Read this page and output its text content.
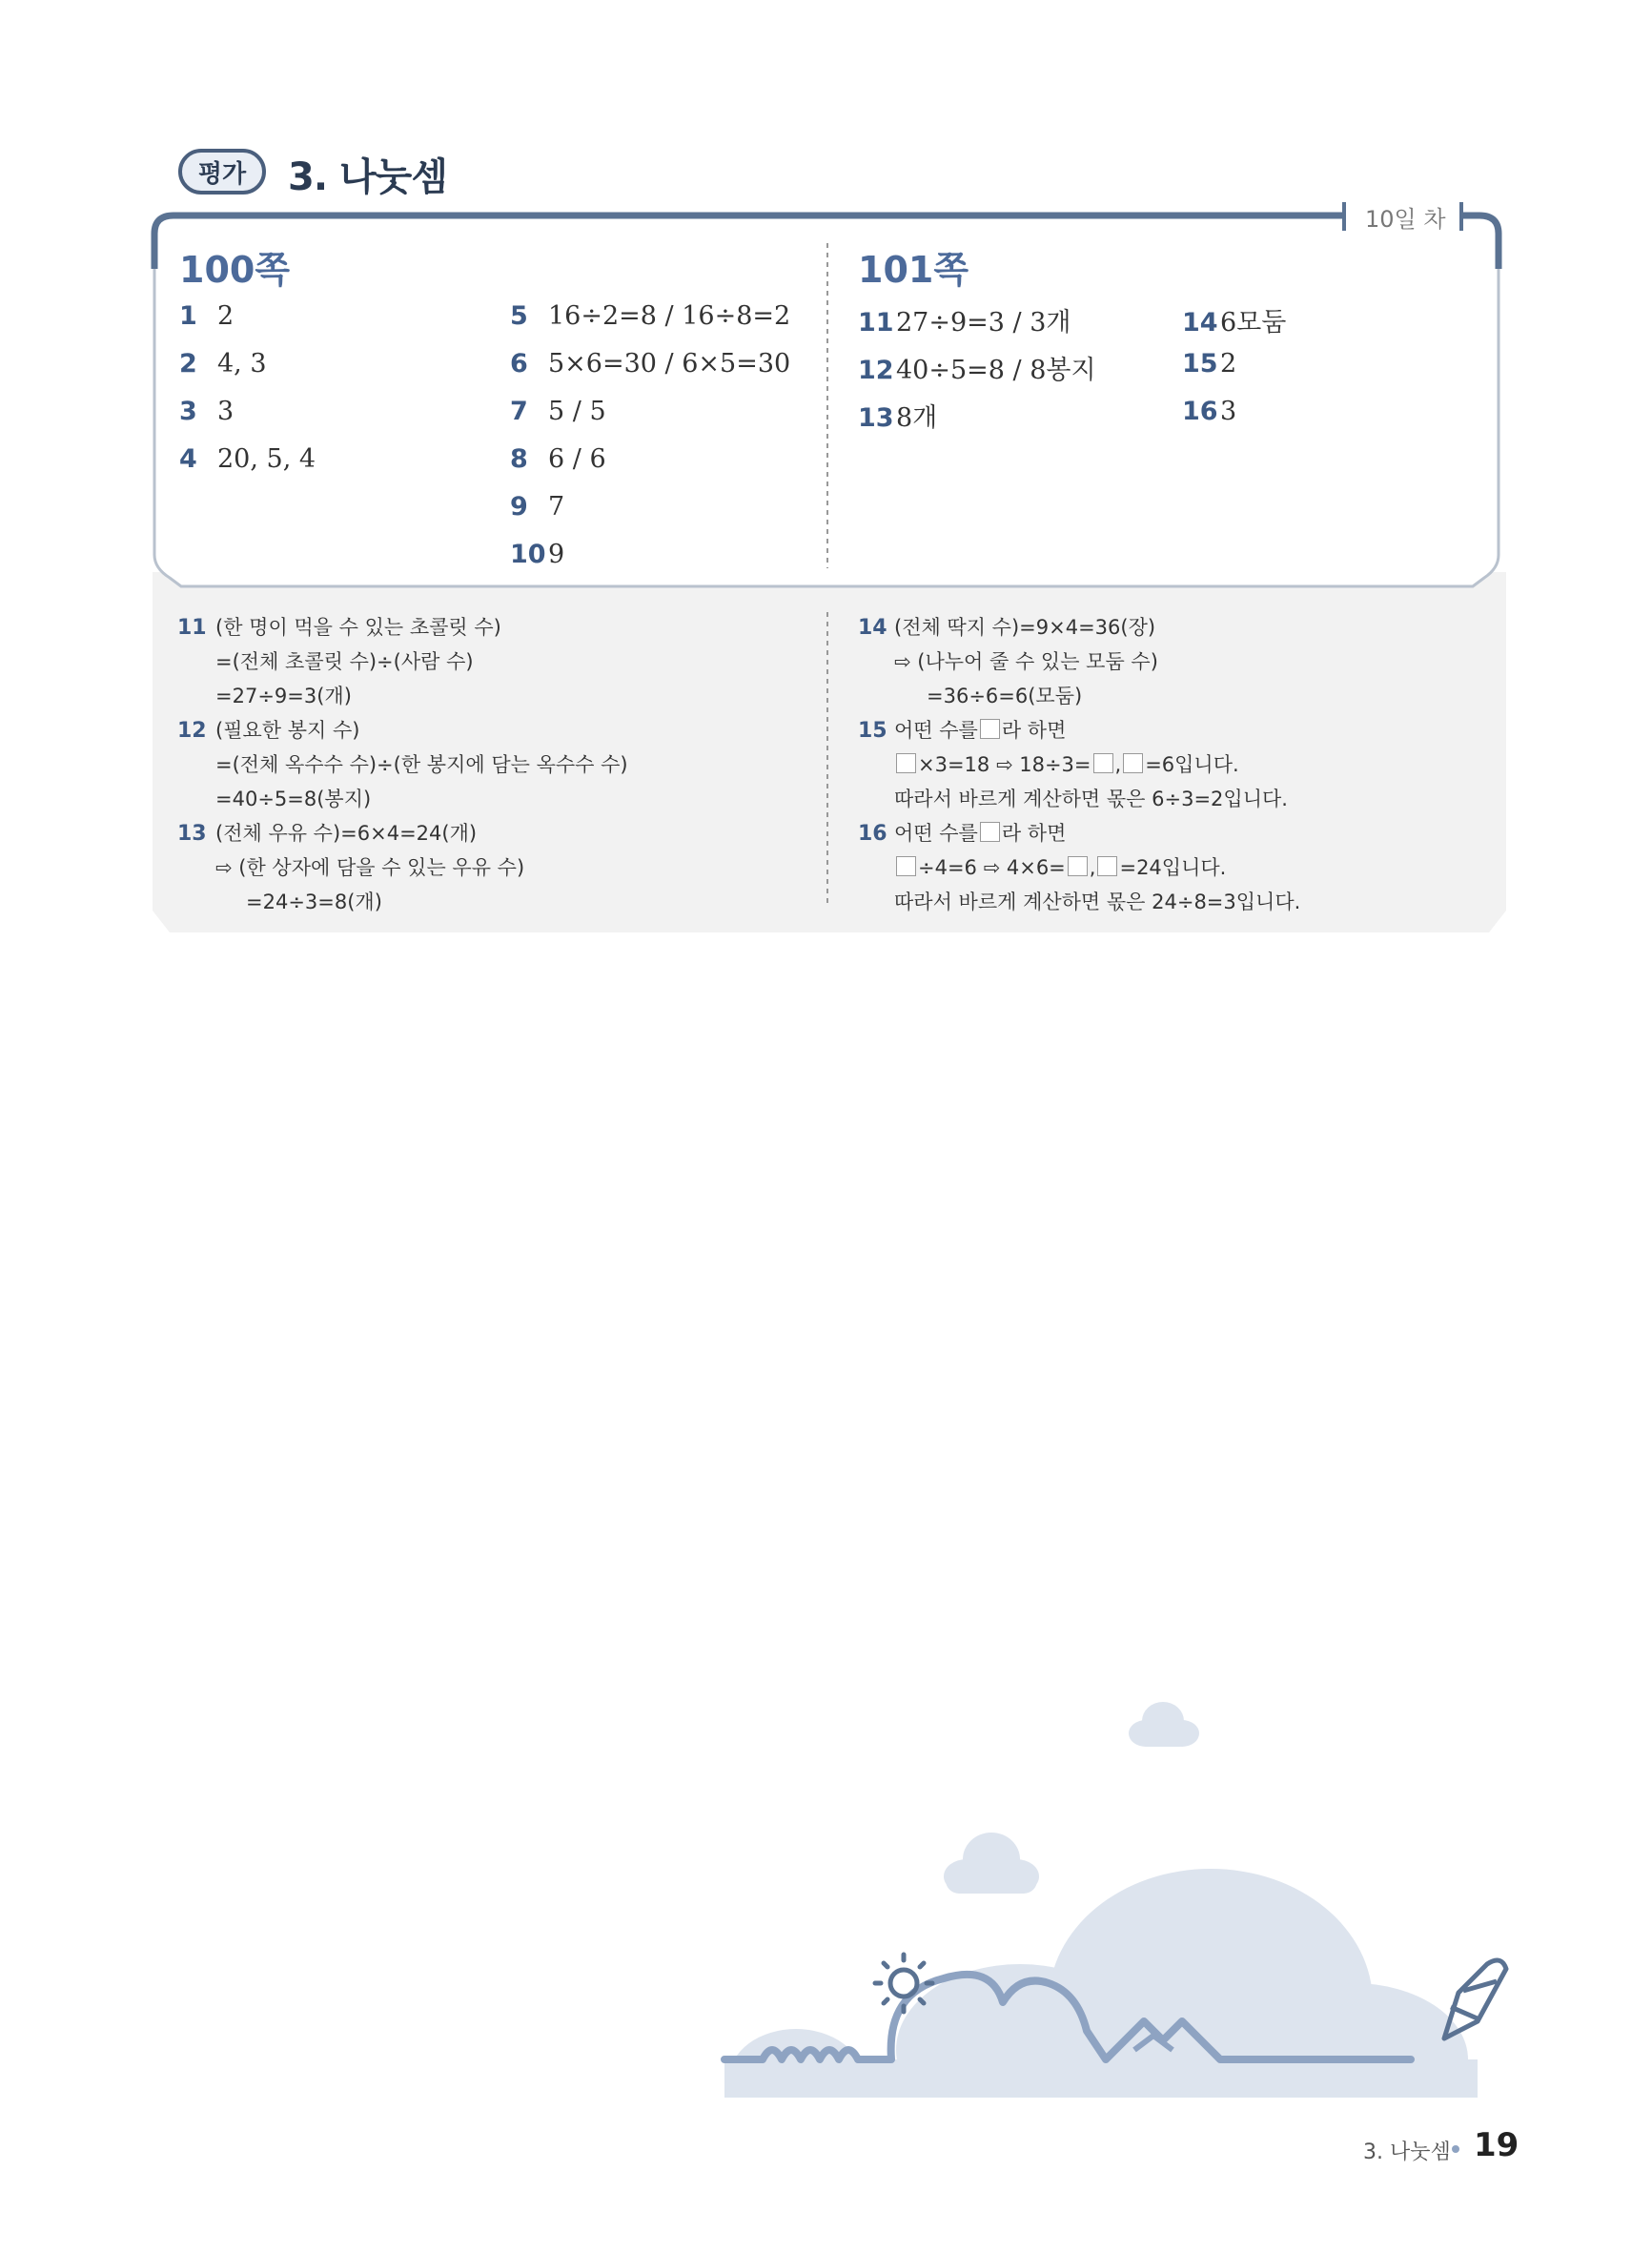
평가	3. 나눗셈
10일 차
100쪽
1 2
2 4, 3
3 3
4 20, 5, 4
5 16÷2=8 / 16÷8=2
6 5×6=30 / 6×5=30
7 5 / 5
8 6 / 6
9 7
109
101쪽
1127÷9=3 / 3개
1240÷5=8 / 8봉지
138개
146모둠
152
163
11 (한 명이 먹을 수 있는 초콜릿 수)
=(전체 초콜릿 수)÷(사람 수)
=27÷9=3(개)
12 (필요한 봉지 수)
=(전체 옥수수 수)÷(한 봉지에 담는 옥수수 수)
=40÷5=8(봉지)
13 (전체 우유 수)=6×4=24(개)
⇨ (한 상자에 담을 수 있는 우유 수)
=24÷3=8(개)
14 (전체 딱지 수)=9×4=36(장)
⇨ (나누어 줄 수 있는 모둠 수)
=36÷6=6(모둠)
15 어떤 수를 라 하면
×3=18 ⇨ 18÷3= , =6입니다.
따라서 바르게 계산하면 몫은 6÷3=2입니다.
16 어떤 수를 라 하면
÷4=6 ⇨ 4×6= , =24입니다.
따라서 바르게 계산하면 몫은 24÷8=3입니다.
3. 나눗셈 19
